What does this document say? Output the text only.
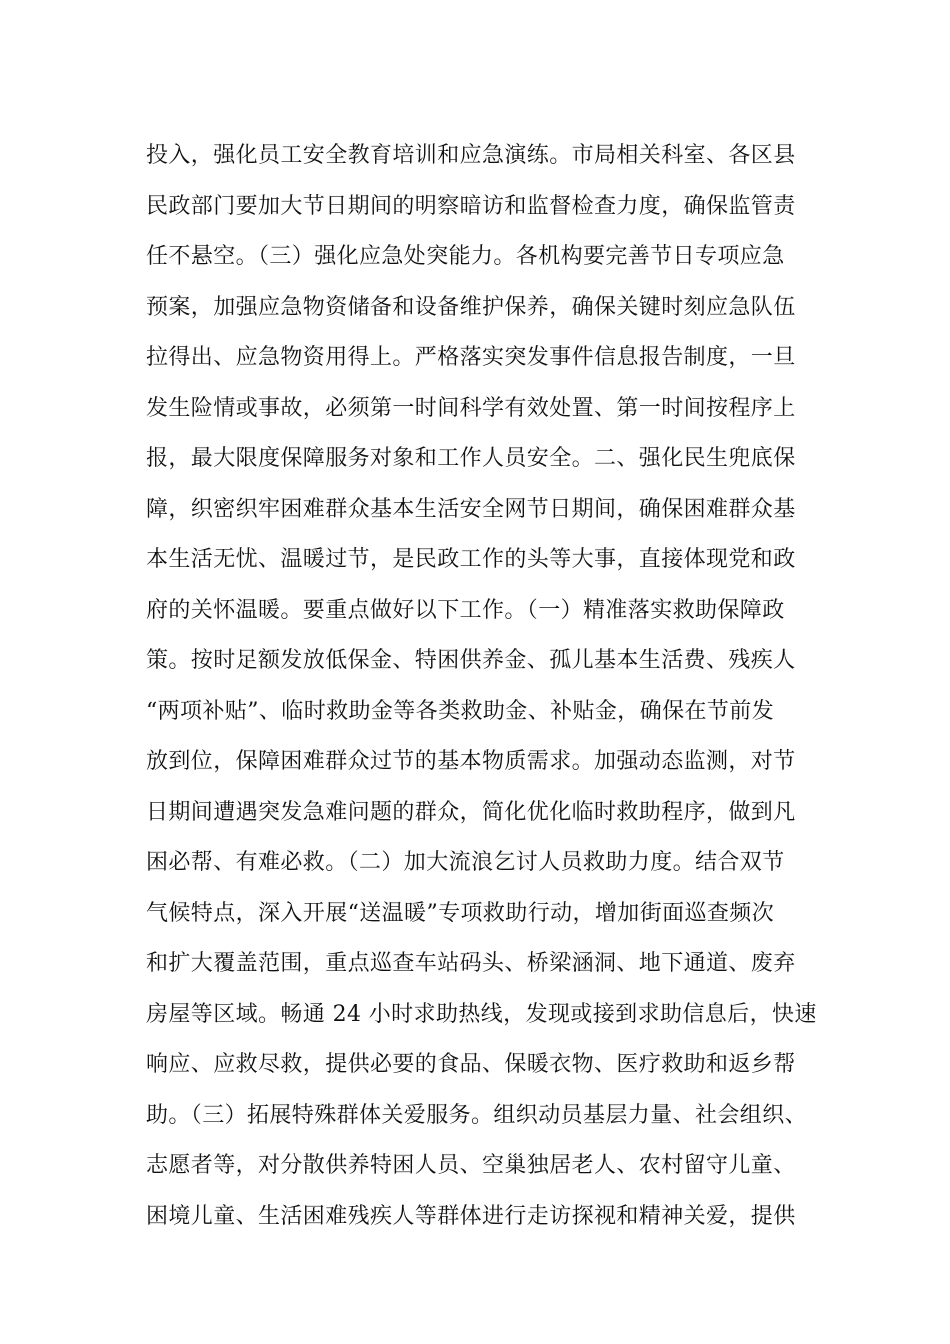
投入，强化员工安全教育培训和应急演练。市局相关科室、各区县
民政部门要加大节日期间的明察暗访和监督检查力度，确保监管责
任不悬空。（三）强化应急处突能力。各机构要完善节日专项应急
预案，加强应急物资储备和设备维护保养，确保关键时刻应急队伍
拉得出、应急物资用得上。严格落实突发事件信息报告制度，一旦
发生险情或事故，必须第一时间科学有效处置、第一时间按程序上
报，最大限度保障服务对象和工作人员安全。二、强化民生兜底保
障，织密织牢困难群众基本生活安全网节日期间，确保困难群众基
本生活无忧、温暖过节，是民政工作的头等大事，直接体现党和政
府的关怀温暖。要重点做好以下工作。（一）精准落实救助保障政
策。按时足额发放低保金、特困供养金、孤儿基本生活费、残疾人
“两项补贴”、临时救助金等各类救助金、补贴金，确保在节前发
放到位，保障困难群众过节的基本物质需求。加强动态监测，对节
日期间遭遇突发急难问题的群众，简化优化临时救助程序，做到凡
困必帮、有难必救。（二）加大流浪乞讨人员救助力度。结合双节
气候特点，深入开展“送温暖”专项救助行动，增加街面巡查频次
和扩大覆盖范围，重点巡查车站码头、桥梁涵洞、地下通道、废弃
房屋等区域。畅通 24 小时求助热线，发现或接到求助信息后，快速
响应、应救尽救，提供必要的食品、保暖衣物、医疗救助和返乡帮
助。（三）拓展特殊群体关爱服务。组织动员基层力量、社会组织、
志愿者等，对分散供养特困人员、空巢独居老人、农村留守儿童、
困境儿童、生活困难残疾人等群体进行走访探视和精神关爱，提供
